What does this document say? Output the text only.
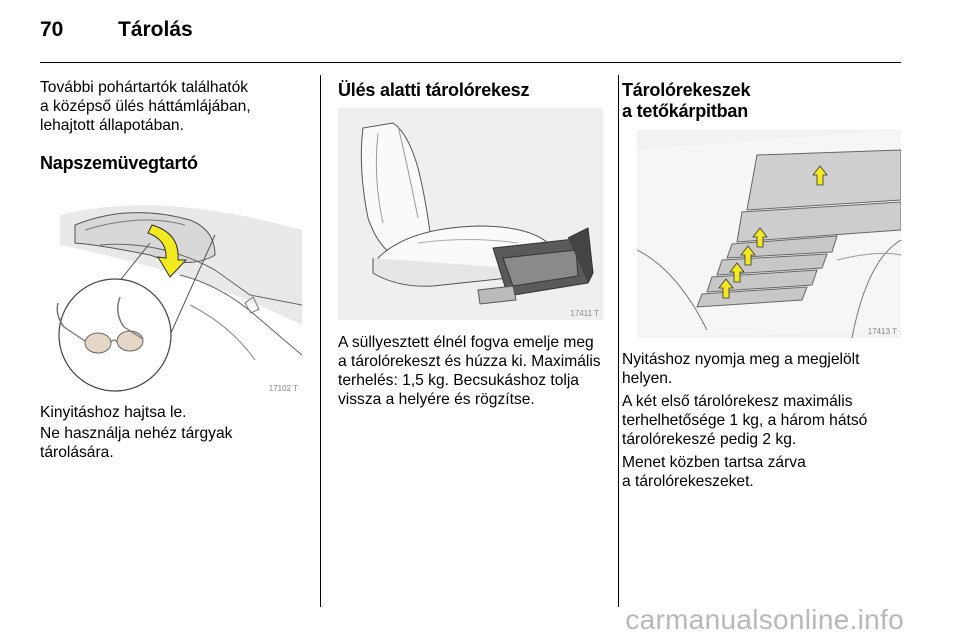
70	Tárolás

További pohártartók találhatók

a középső ülés háttámlájában,

lehajtott állapotában.

Napszemüvegtartó
17102 T

Kinyitáshoz hajtsa le.

Ne használja nehéz tárgyak

tárolására.

Ülés alatti tárolórekesz
17411 T

A süllyesztett élnél fogva emelje meg

a tárolórekeszt és húzza ki. Maximális

terhelés: 1,5 kg. Becsukáshoz tolja

vissza a helyére és rögzítse.

Tárolórekeszek
a tetőkárpitban
17413 T

Nyitáshoz nyomja meg a megjelölt

helyen.

A két első tárolórekesz maximális

terhelhetősége 1 kg, a három hátsó

tárolórekeszé pedig 2 kg.

Menet közben tartsa zárva

a tárolórekeszeket.

carmanualsonline.info
